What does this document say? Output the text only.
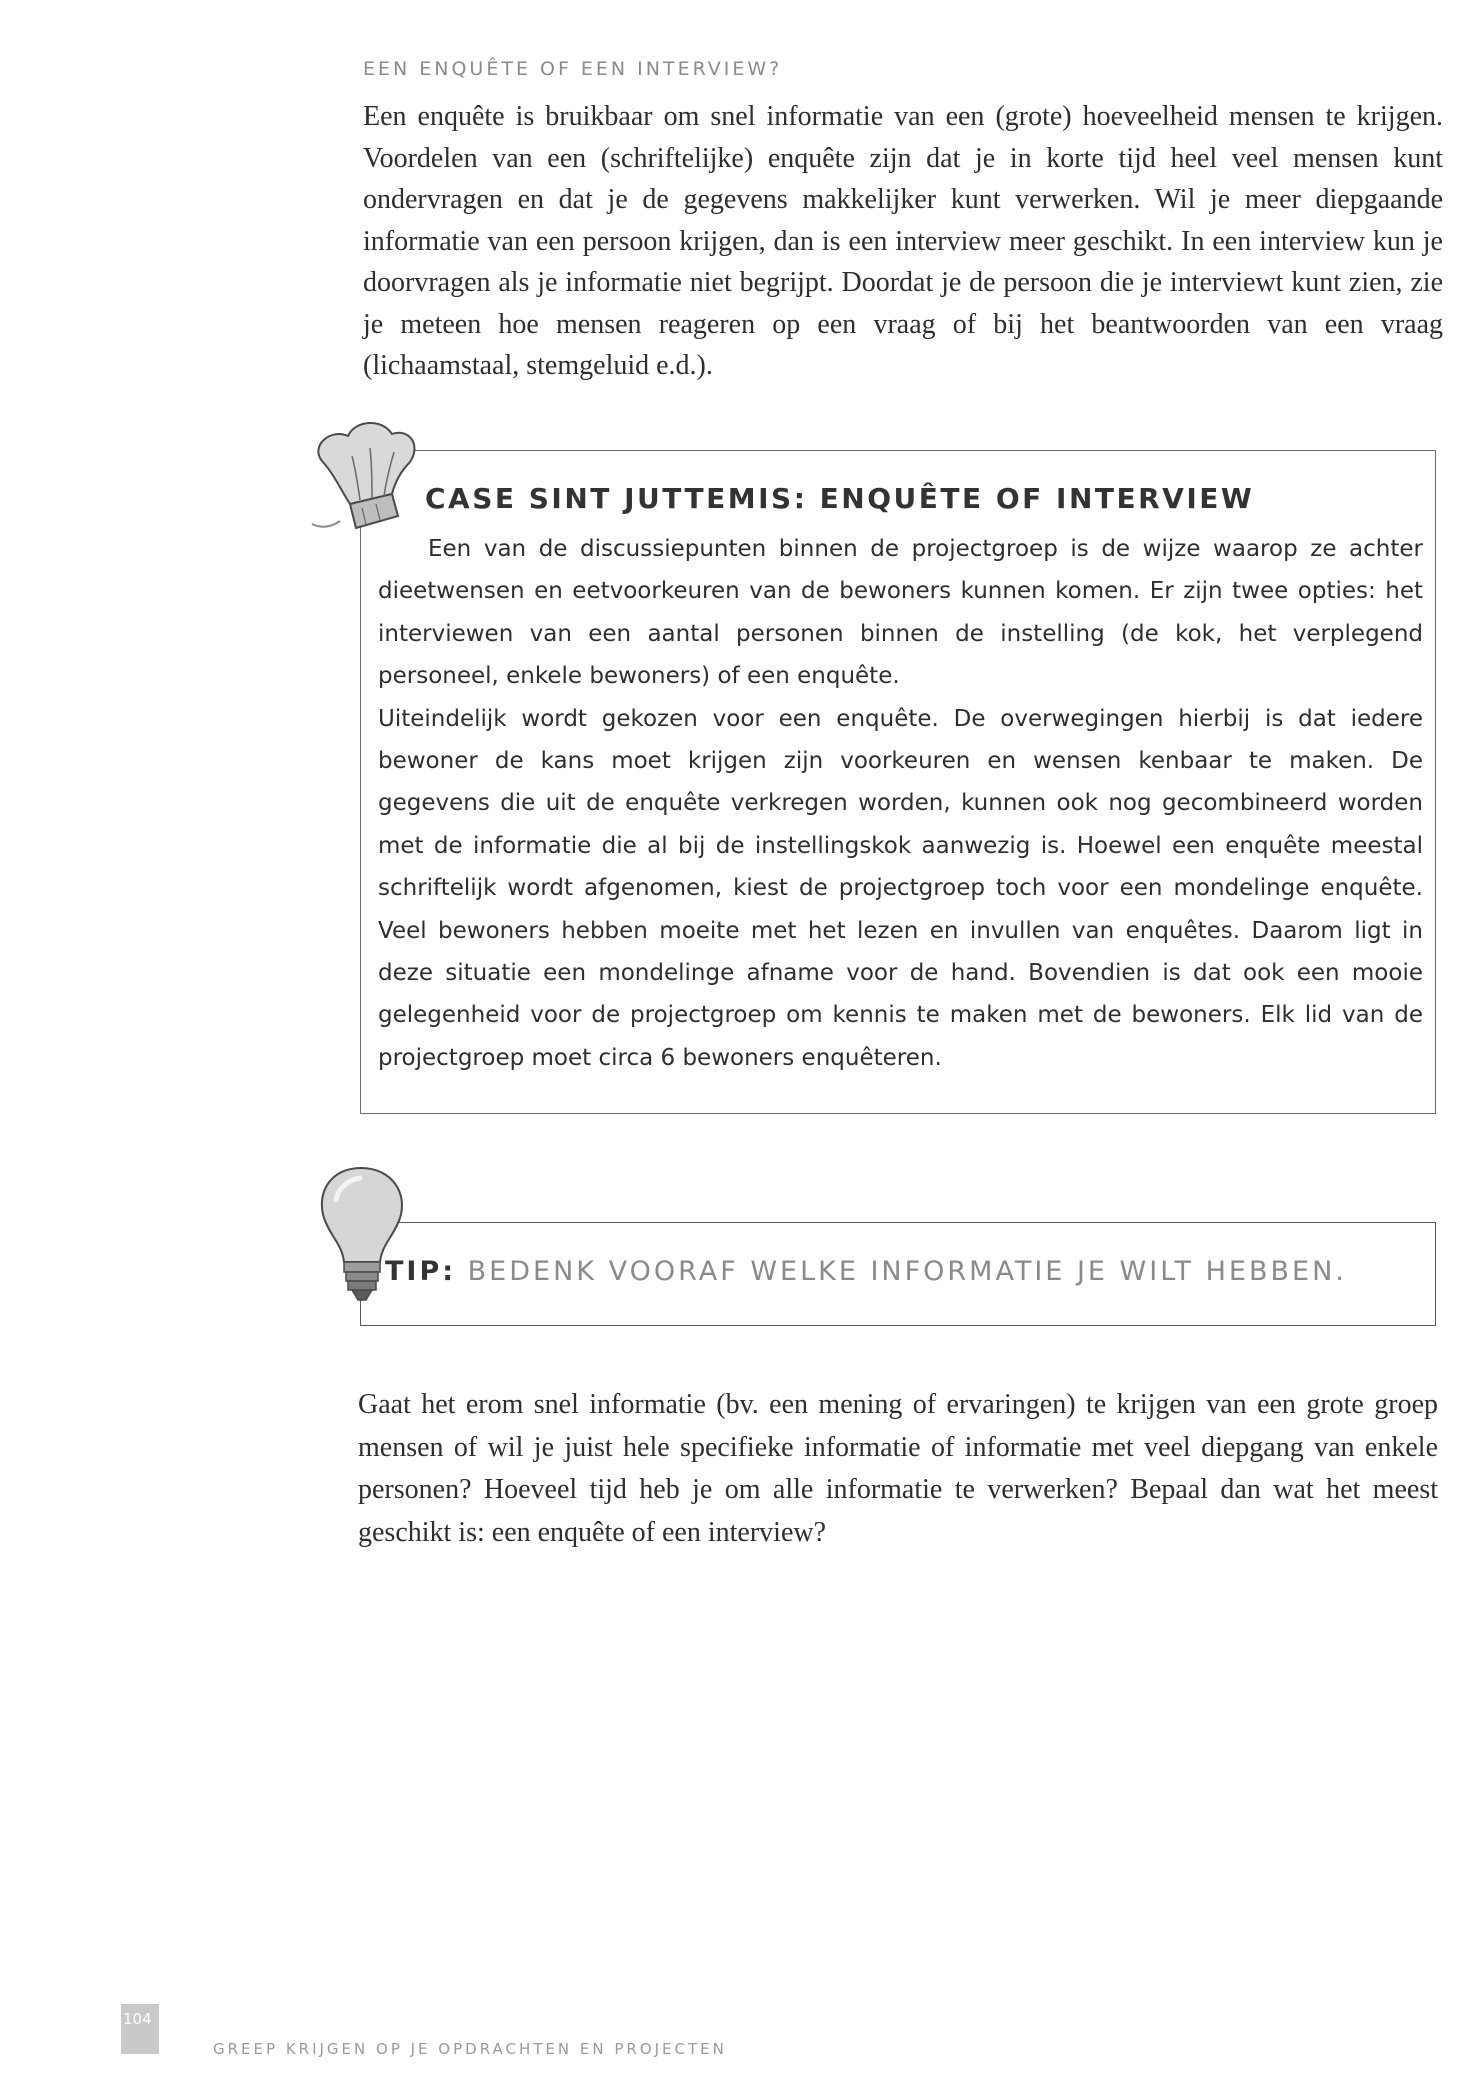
EEN ENQUÊTE OF EEN INTERVIEW?
Een enquête is bruikbaar om snel informatie van een (grote) hoeveelheid mensen te krijgen. Voordelen van een (schriftelijke) enquête zijn dat je in korte tijd heel veel mensen kunt ondervragen en dat je de gegevens makkelijker kunt verwerken. Wil je meer diepgaande informatie van een persoon krijgen, dan is een interview meer geschikt. In een interview kun je doorvragen als je informatie niet begrijpt. Doordat je de persoon die je interviewt kunt zien, zie je meteen hoe mensen reageren op een vraag of bij het beantwoorden van een vraag (lichaamstaal, stemgeluid e.d.).
CASE SINT JUTTEMIS: ENQUÊTE OF INTERVIEW

Een van de discussiepunten binnen de projectgroep is de wijze waarop ze achter dieetwensen en eetvoorkeuren van de bewoners kunnen komen. Er zijn twee opties: het interviewen van een aantal personen binnen de instelling (de kok, het verplegend personeel, enkele bewoners) of een enquête.

Uiteindelijk wordt gekozen voor een enquête. De overwegingen hierbij is dat iedere bewoner de kans moet krijgen zijn voorkeuren en wensen kenbaar te maken. De gegevens die uit de enquête verkregen worden, kunnen ook nog gecombineerd worden met de informatie die al bij de instellingskok aanwezig is. Hoewel een enquête meestal schriftelijk wordt afgenomen, kiest de projectgroep toch voor een mondelinge enquête. Veel bewoners hebben moeite met het lezen en invullen van enquêtes. Daarom ligt in deze situatie een mondelinge afname voor de hand. Bovendien is dat ook een mooie gelegenheid voor de projectgroep om kennis te maken met de bewoners. Elk lid van de projectgroep moet circa 6 bewoners enquêteren.

TIP: BEDENK VOORAF WELKE INFORMATIE JE WILT HEBBEN.
Gaat het erom snel informatie (bv. een mening of ervaringen) te krijgen van een grote groep mensen of wil je juist hele specifieke informatie of informatie met veel diepgang van enkele personen? Hoeveel tijd heb je om alle informatie te verwerken? Bepaal dan wat het meest geschikt is: een enquête of een interview?
104
GREEP KRIJGEN OP JE OPDRACHTEN EN PROJECTEN
